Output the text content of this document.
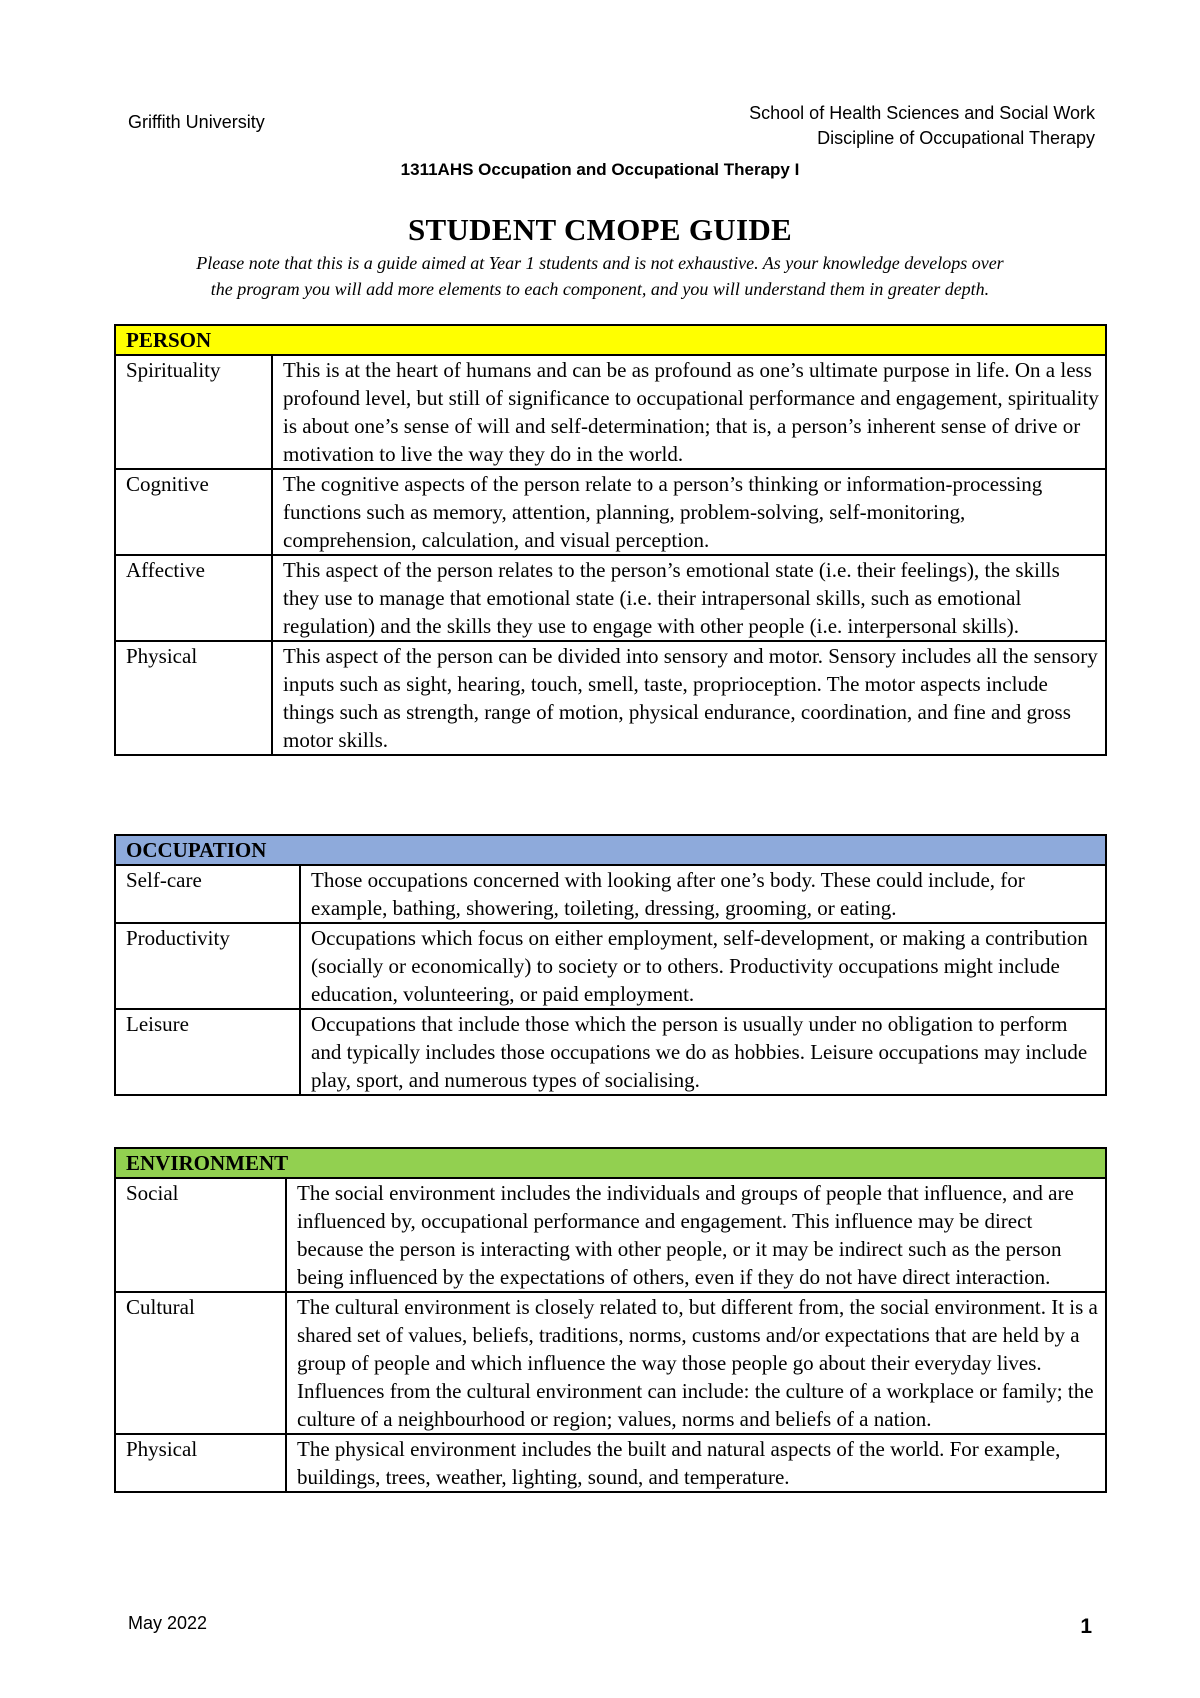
Griffith University	School of Health Sciences and Social Work
Discipline of Occupational Therapy
1311AHS Occupation and Occupational Therapy I
STUDENT CMOPE GUIDE
Please note that this is a guide aimed at Year 1 students and is not exhaustive. As your knowledge develops over
the program you will add more elements to each component, and you will understand them in greater depth.
PERSON	
Spirituality	This is at the heart of humans and can be as profound as one’s ultimate purpose in life. On a less profound level, but still of significance to occupational performance and engagement, spirituality is about one’s sense of will and self-determination; that is, a person’s inherent sense of drive or motivation to live the way they do in the world.
Cognitive	The cognitive aspects of the person relate to a person’s thinking or information-processing functions such as memory, attention, planning, problem-solving, self-monitoring, comprehension, calculation, and visual perception.
Affective	This aspect of the person relates to the person’s emotional state (i.e. their feelings), the skills they use to manage that emotional state (i.e. their intrapersonal skills, such as emotional regulation) and the skills they use to engage with other people (i.e. interpersonal skills).
Physical	This aspect of the person can be divided into sensory and motor. Sensory includes all the sensory inputs such as sight, hearing, touch, smell, taste, proprioception. The motor aspects include things such as strength, range of motion, physical endurance, coordination, and fine and gross motor skills.
OCCUPATION	
Self-care	Those occupations concerned with looking after one’s body. These could include, for example, bathing, showering, toileting, dressing, grooming, or eating.
Productivity	Occupations which focus on either employment, self-development, or making a contribution (socially or economically) to society or to others. Productivity occupations might include education, volunteering, or paid employment.
Leisure	Occupations that include those which the person is usually under no obligation to perform and typically includes those occupations we do as hobbies. Leisure occupations may include play, sport, and numerous types of socialising.
ENVIRONMENT	
Social	The social environment includes the individuals and groups of people that influence, and are influenced by, occupational performance and engagement. This influence may be direct because the person is interacting with other people, or it may be indirect such as the person being influenced by the expectations of others, even if they do not have direct interaction.
Cultural	The cultural environment is closely related to, but different from, the social environment. It is a shared set of values, beliefs, traditions, norms, customs and/or expectations that are held by a group of people and which influence the way those people go about their everyday lives. Influences from the cultural environment can include: the culture of a workplace or family; the culture of a neighbourhood or region; values, norms and beliefs of a nation.
Physical	The physical environment includes the built and natural aspects of the world. For example, buildings, trees, weather, lighting, sound, and temperature.
May 2022	1
